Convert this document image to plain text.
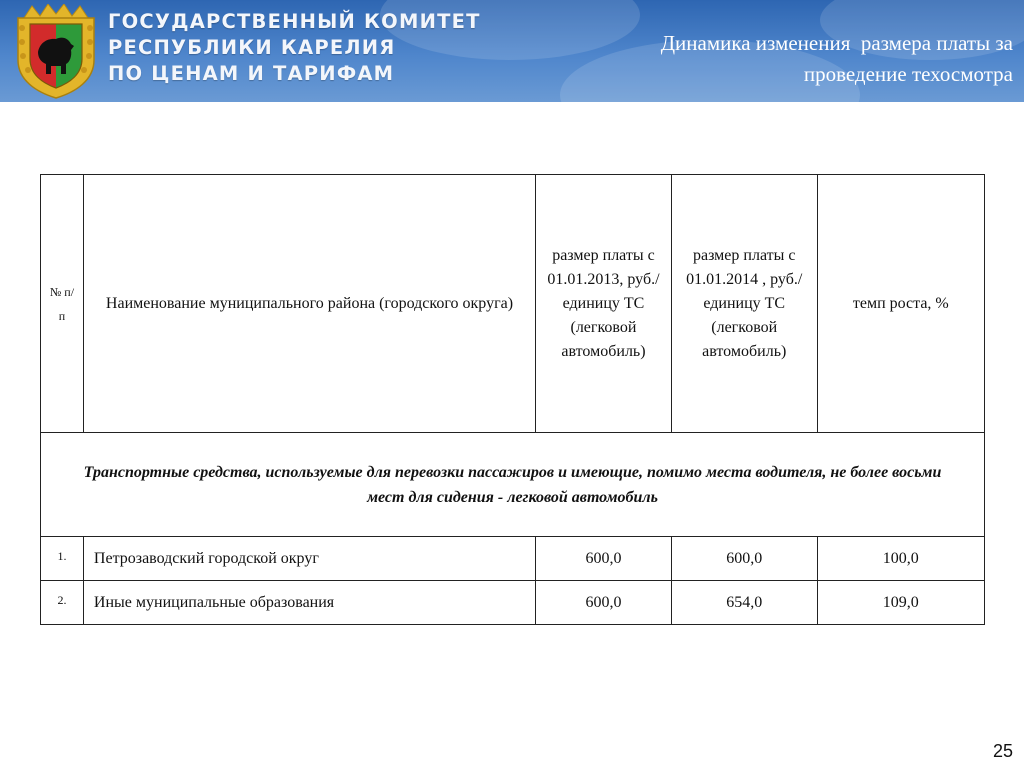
ГОСУДАРСТВЕННЫЙ КОМИТЕТ
РЕСПУБЛИКИ КАРЕЛИЯ
ПО ЦЕНАМ И ТАРИФАМ
Динамика изменения  размера платы за
проведение техосмотра
№ п/ п	Наименование муниципального района (городского округа)	размер платы с 01.01.2013, руб./ единицу ТС (легковой автомобиль)	размер платы с 01.01.2014 , руб./ единицу ТС (легковой автомобиль)	темп роста, %
Транспортные средства, используемые для перевозки пассажиров и имеющие, помимо места водителя, не более восьми мест для сидения - легковой автомобиль				
1.	Петрозаводский городской округ	600,0	600,0	100,0
2.	Иные муниципальные образования	600,0	654,0	109,0
25
